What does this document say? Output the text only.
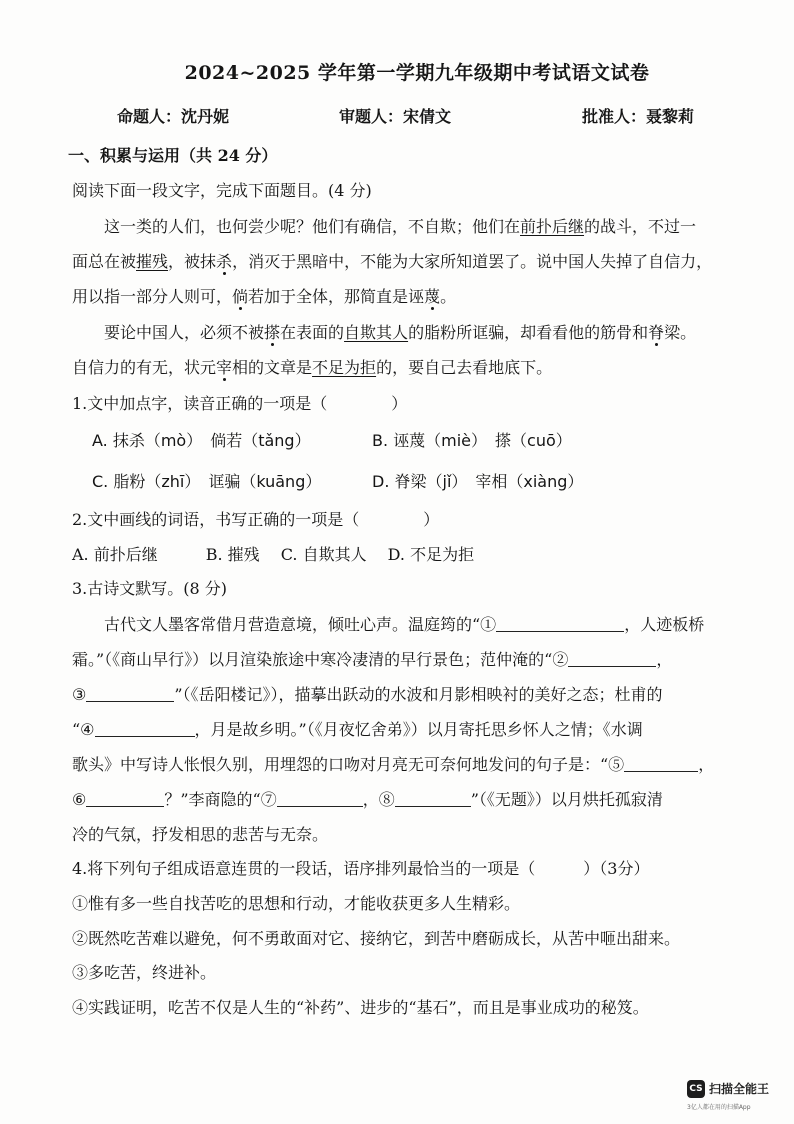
2024~2025 学年第一学期九年级期中考试语文试卷
命题人：沈丹妮	审题人：宋倩文	批准人：聂黎莉
一、积累与运用（共 24 分）
阅读下面一段文字，完成下面题目。(4 分)
　　这一类的人们，也何尝少呢？他们有确信，不自欺；他们在前扑后继的战斗，不过一
面总在被摧残，被抹杀，消灭于黑暗中，不能为大家所知道罢了。说中国人失掉了自信力，
用以指一部分人则可，倘若加于全体，那简直是诬蔑。
　　要论中国人，必须不被搽在表面的自欺其人的脂粉所诓骗，却看看他的筋骨和脊梁。
自信力的有无，状元宰相的文章是不足为拒的，要自己去看地底下。
1.文中加点字，读音正确的一项是（　　　　）
A. 抹杀（mò）　倘若（tǎng）	B. 诬蔑（miè）　搽（cuō）
C. 脂粉（zhī）　诓骗（kuāng）	D. 脊梁（jǐ）　宰相（xiàng）
2.文中画线的词语，书写正确的一项是（　　　　）
A. 前扑后继　　　B. 摧残　 C. 自欺其人　 D. 不足为拒
3.古诗文默写。(8 分)
　　古代文人墨客常借月营造意境，倾吐心声。温庭筠的“①	，人迹板桥
霜。”（《商山早行》）以月渲染旅途中寒冷凄清的早行景色；范仲淹的“②	，
③	”（《岳阳楼记》），描摹出跃动的水波和月影相映衬的美好之态；杜甫的
“④	，月是故乡明。”（《月夜忆舍弟》）以月寄托思乡怀人之情；《水调
歌头》中写诗人怅恨久别，用埋怨的口吻对月亮无可奈何地发问的句子是：“⑤	，
⑥	？”李商隐的“⑦	，⑧	”（《无题》）以月烘托孤寂清
冷的气氛，抒发相思的悲苦与无奈。
4.将下列句子组成语意连贯的一段话，语序排列最恰当的一项是（　　　）（3分）
①惟有多一些自找苦吃的思想和行动，才能收获更多人生精彩。
②既然吃苦难以避免，何不勇敢面对它、接纳它，到苦中磨砺成长，从苦中咂出甜来。
③多吃苦，终进补。
④实践证明，吃苦不仅是人生的“补药”、进步的“基石”，而且是事业成功的秘笈。
CS 扫描全能王
3亿人都在用的扫描App
